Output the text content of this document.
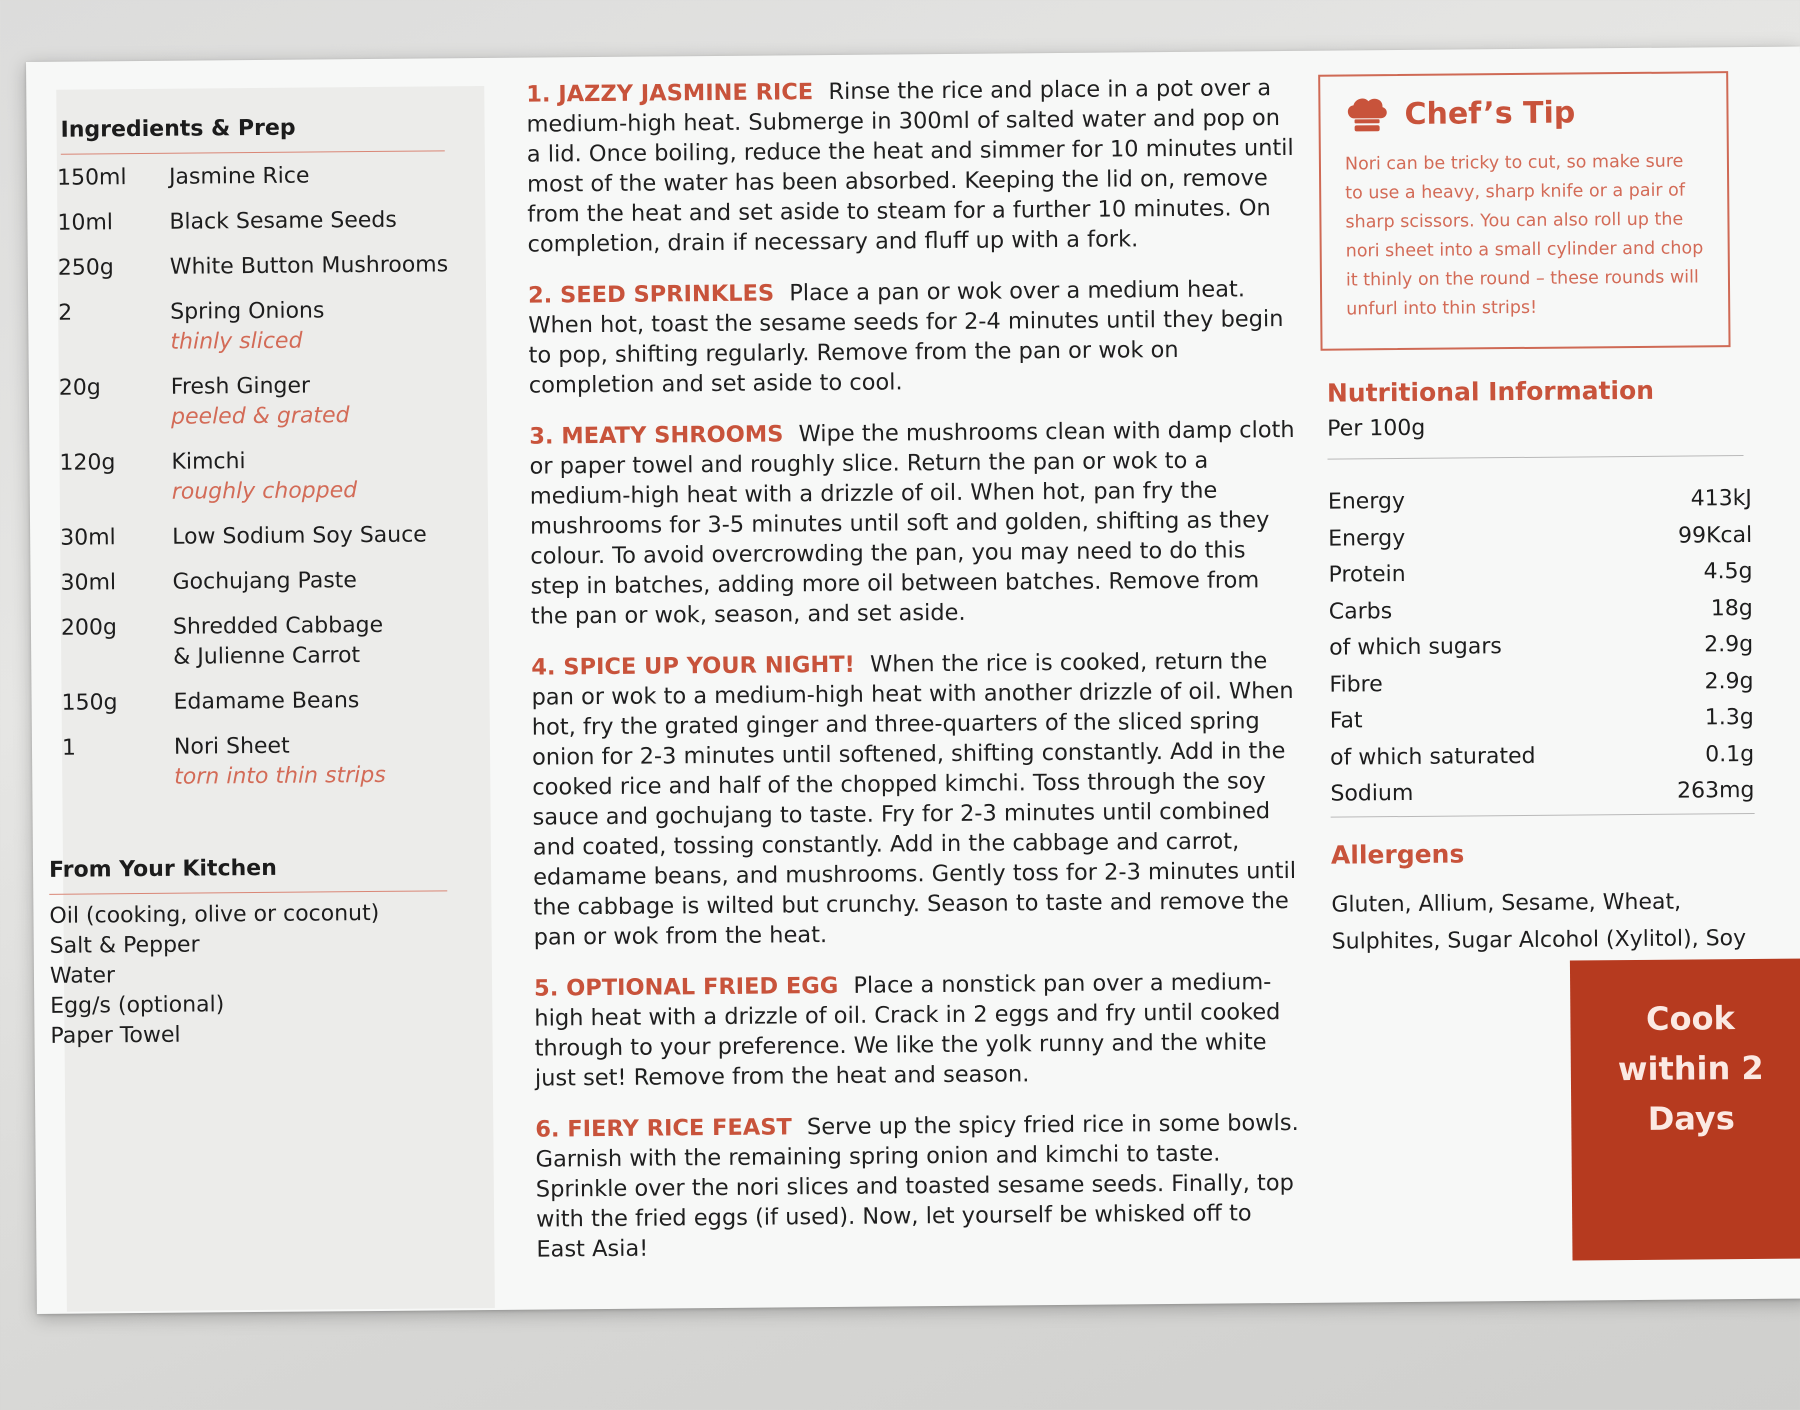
Ingredients & Prep
150ml	Jasmine Rice
10ml	Black Sesame Seeds
250g	White Button Mushrooms
2	Spring Onions
thinly sliced
20g	Fresh Ginger
peeled & grated
120g	Kimchi
roughly chopped
30ml	Low Sodium Soy Sauce
30ml	Gochujang Paste
200g	Shredded Cabbage & Julienne Carrot
150g	Edamame Beans
1	Nori Sheet
torn into thin strips
From Your Kitchen
Oil (cooking, olive or coconut)
Salt & Pepper
Water
Egg/s (optional)
Paper Towel
1. JAZZY JASMINE RICE Rinse the rice and place in a pot over a medium-high heat. Submerge in 300ml of salted water and pop on a lid. Once boiling, reduce the heat and simmer for 10 minutes until most of the water has been absorbed. Keeping the lid on, remove from the heat and set aside to steam for a further 10 minutes. On completion, drain if necessary and fluff up with a fork.
2. SEED SPRINKLES Place a pan or wok over a medium heat. When hot, toast the sesame seeds for 2-4 minutes until they begin to pop, shifting regularly. Remove from the pan or wok on completion and set aside to cool.
3. MEATY SHROOMS Wipe the mushrooms clean with damp cloth or paper towel and roughly slice. Return the pan or wok to a medium-high heat with a drizzle of oil. When hot, pan fry the mushrooms for 3-5 minutes until soft and golden, shifting as they colour. To avoid overcrowding the pan, you may need to do this step in batches, adding more oil between batches. Remove from the pan or wok, season, and set aside.
4. SPICE UP YOUR NIGHT! When the rice is cooked, return the pan or wok to a medium-high heat with another drizzle of oil. When hot, fry the grated ginger and three-quarters of the sliced spring onion for 2-3 minutes until softened, shifting constantly. Add in the cooked rice and half of the chopped kimchi. Toss through the soy sauce and gochujang to taste. Fry for 2-3 minutes until combined and coated, tossing constantly. Add in the cabbage and carrot, edamame beans, and mushrooms. Gently toss for 2-3 minutes until the cabbage is wilted but crunchy. Season to taste and remove the pan or wok from the heat.
5. OPTIONAL FRIED EGG Place a nonstick pan over a medium-high heat with a drizzle of oil. Crack in 2 eggs and fry until cooked through to your preference. We like the yolk runny and the white just set! Remove from the heat and season.
6. FIERY RICE FEAST Serve up the spicy fried rice in some bowls. Garnish with the remaining spring onion and kimchi to taste. Sprinkle over the nori slices and toasted sesame seeds. Finally, top with the fried eggs (if used). Now, let yourself be whisked off to East Asia!
Chef’s Tip
Nori can be tricky to cut, so make sure to use a heavy, sharp knife or a pair of sharp scissors. You can also roll up the nori sheet into a small cylinder and chop it thinly on the round – these rounds will unfurl into thin strips!
Nutritional Information
Per 100g
Energy	413kJ
Energy	99Kcal
Protein	4.5g
Carbs	18g
of which sugars	2.9g
Fibre	2.9g
Fat	1.3g
of which saturated	0.1g
Sodium	263mg
Allergens
Gluten, Allium, Sesame, Wheat, Sulphites, Sugar Alcohol (Xylitol), Soy
Cook
within 2
Days
